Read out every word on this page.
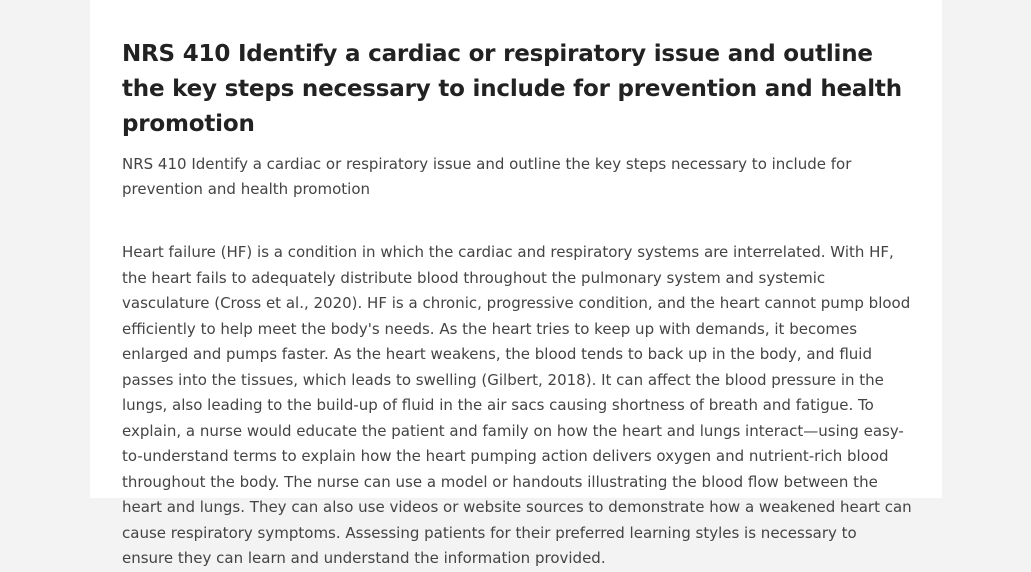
NRS 410 Identify a cardiac or respiratory issue and outline the key steps necessary to include for prevention and health promotion

NRS 410 Identify a cardiac or respiratory issue and outline the key steps necessary to include for prevention and health promotion

Heart failure (HF) is a condition in which the cardiac and respiratory systems are interrelated. With HF, the heart fails to adequately distribute blood throughout the pulmonary system and systemic vasculature (Cross et al., 2020). HF is a chronic, progressive condition, and the heart cannot pump blood efficiently to help meet the body's needs. As the heart tries to keep up with demands, it becomes enlarged and pumps faster. As the heart weakens, the blood tends to back up in the body, and fluid passes into the tissues, which leads to swelling (Gilbert, 2018). It can affect the blood pressure in the lungs, also leading to the build-up of fluid in the air sacs causing shortness of breath and fatigue. To explain, a nurse would educate the patient and family on how the heart and lungs interact—using easy-to-understand terms to explain how the heart pumping action delivers oxygen and nutrient-rich blood throughout the body. The nurse can use a model or handouts illustrating the blood flow between the heart and lungs. They can also use videos or website sources to demonstrate how a weakened heart can cause respiratory symptoms. Assessing patients for their preferred learning styles is necessary to ensure they can learn and understand the information provided.
